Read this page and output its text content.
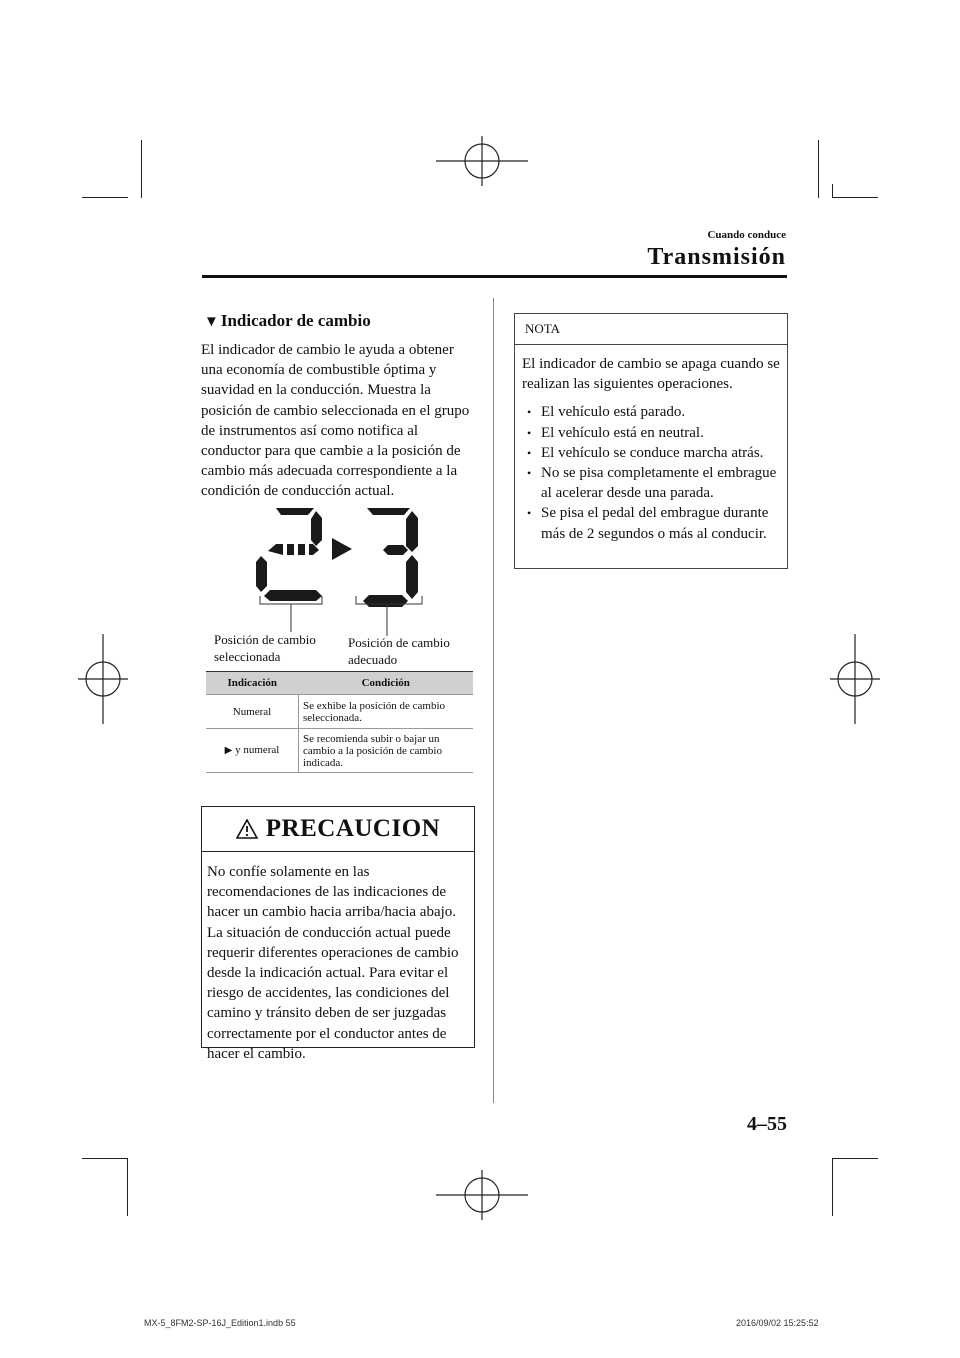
Cuando conduce
Transmisión
▼ Indicador de cambio
El indicador de cambio le ayuda a obtener una economía de combustible óptima y suavidad en la conducción. Muestra la posición de cambio seleccionada en el grupo de instrumentos así como notifica al conductor para que cambie a la posición de cambio más adecuada correspondiente a la condición de conducción actual.
Posición de cambio
seleccionada
Posición de cambio
adecuado
Indicación	Condición
Numeral	Se exhibe la posición de cambio seleccionada.
▶ y numeral	Se recomienda subir o bajar un cambio a la posición de cambio indicada.
PRECAUCION
No confíe solamente en las recomendaciones de las indicaciones de hacer un cambio hacia arriba/hacia abajo. La situación de conducción actual puede requerir diferentes operaciones de cambio desde la indicación actual. Para evitar el riesgo de accidentes, las condiciones del camino y tránsito deben de ser juzgadas correctamente por el conductor antes de hacer el cambio.
NOTA
El indicador de cambio se apaga cuando se realizan las siguientes operaciones.
• El vehículo está parado.
• El vehículo está en neutral.
• El vehículo se conduce marcha atrás.
• No se pisa completamente el embrague al acelerar desde una parada.
• Se pisa el pedal del embrague durante más de 2 segundos o más al conducir.
4–55
MX-5_8FM2-SP-16J_Edition1.indb 55	2016/09/02 15:25:52
